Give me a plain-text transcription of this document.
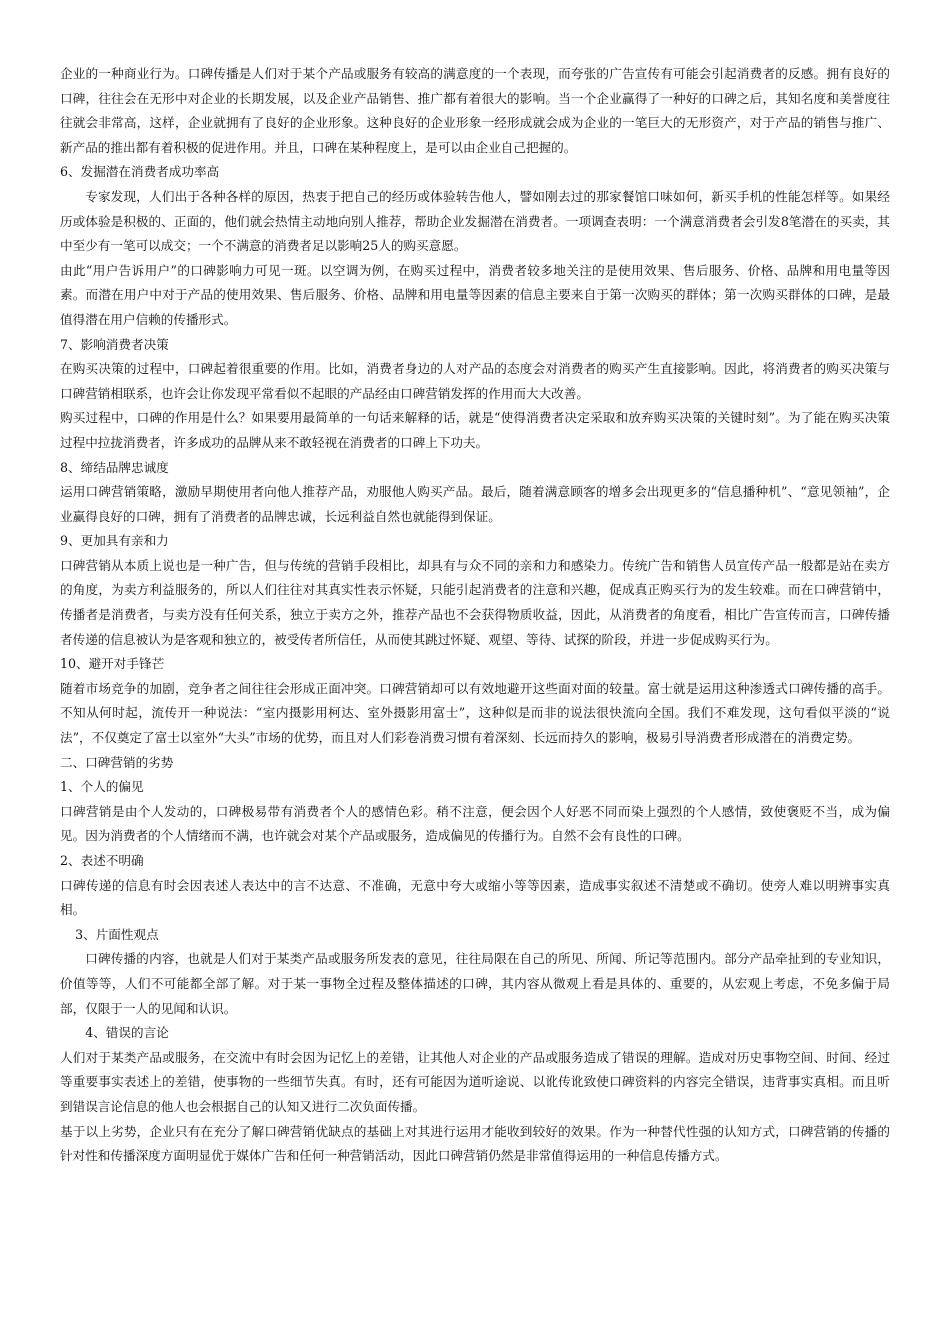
企业的一种商业行为。口碑传播是人们对于某个产品或服务有较高的满意度的一个表现，而夸张的广告宣传有可能会引起消费者的反感。拥有良好的口碑，往往会在无形中对企业的长期发展，以及企业产品销售、推广都有着很大的影响。当一个企业赢得了一种好的口碑之后，其知名度和美誉度往往就会非常高，这样，企业就拥有了良好的企业形象。这种良好的企业形象一经形成就会成为企业的一笔巨大的无形资产，对于产品的销售与推广、新产品的推出都有着积极的促进作用。并且，口碑在某种程度上，是可以由企业自己把握的。

6、发掘潜在消费者成功率高

专家发现，人们出于各种各样的原因，热衷于把自己的经历或体验转告他人，譬如刚去过的那家餐馆口味如何，新买手机的性能怎样等。如果经历或体验是积极的、正面的，他们就会热情主动地向别人推荐，帮助企业发掘潜在消费者。一项调查表明：一个满意消费者会引发8笔潜在的买卖，其中至少有一笔可以成交；一个不满意的消费者足以影响25人的购买意愿。

由此“用户告诉用户”的口碑影响力可见一斑。以空调为例，在购买过程中，消费者较多地关注的是使用效果、售后服务、价格、品牌和用电量等因素。而潜在用户中对于产品的使用效果、售后服务、价格、品牌和用电量等因素的信息主要来自于第一次购买的群体；第一次购买群体的口碑，是最值得潜在用户信赖的传播形式。

7、影响消费者决策

在购买决策的过程中，口碑起着很重要的作用。比如，消费者身边的人对产品的态度会对消费者的购买产生直接影响。因此，将消费者的购买决策与口碑营销相联系，也许会让你发现平常看似不起眼的产品经由口碑营销发挥的作用而大大改善。

购买过程中，口碑的作用是什么？如果要用最简单的一句话来解释的话，就是“使得消费者决定采取和放弃购买决策的关键时刻”。为了能在购买决策过程中拉拢消费者，许多成功的品牌从来不敢轻视在消费者的口碑上下功夫。

8、缔结品牌忠诚度

运用口碑营销策略，激励早期使用者向他人推荐产品，劝服他人购买产品。最后，随着满意顾客的增多会出现更多的“信息播种机”、“意见领袖”，企业赢得良好的口碑，拥有了消费者的品牌忠诚，长远利益自然也就能得到保证。

9、更加具有亲和力

口碑营销从本质上说也是一种广告，但与传统的营销手段相比，却具有与众不同的亲和力和感染力。传统广告和销售人员宣传产品一般都是站在卖方的角度，为卖方利益服务的，所以人们往往对其真实性表示怀疑，只能引起消费者的注意和兴趣，促成真正购买行为的发生较难。而在口碑营销中，传播者是消费者，与卖方没有任何关系，独立于卖方之外，推荐产品也不会获得物质收益，因此，从消费者的角度看，相比广告宣传而言，口碑传播者传递的信息被认为是客观和独立的，被受传者所信任，从而使其跳过怀疑、观望、等待、试探的阶段，并进一步促成购买行为。

10、避开对手锋芒

随着市场竞争的加剧，竞争者之间往往会形成正面冲突。口碑营销却可以有效地避开这些面对面的较量。富士就是运用这种渗透式口碑传播的高手。不知从何时起，流传开一种说法：“室内摄影用柯达、室外摄影用富士”，这种似是而非的说法很快流向全国。我们不难发现，这句看似平淡的“说法”，不仅奠定了富士以室外“大头”市场的优势，而且对人们彩卷消费习惯有着深刻、长远而持久的影响，极易引导消费者形成潜在的消费定势。

二、口碑营销的劣势

1、个人的偏见

口碑营销是由个人发动的，口碑极易带有消费者个人的感情色彩。稍不注意，便会因个人好恶不同而染上强烈的个人感情，致使褒贬不当，成为偏见。因为消费者的个人情绪而不满，也许就会对某个产品或服务，造成偏见的传播行为。自然不会有良性的口碑。

2、表述不明确

口碑传递的信息有时会因表述人表达中的言不达意、不准确，无意中夸大或缩小等等因素，造成事实叙述不清楚或不确切。使旁人难以明辨事实真相。

3、片面性观点

口碑传播的内容，也就是人们对于某类产品或服务所发表的意见，往往局限在自己的所见、所闻、所记等范围内。部分产品牵扯到的专业知识，价值等等，人们不可能都全部了解。对于某一事物全过程及整体描述的口碑，其内容从微观上看是具体的、重要的，从宏观上考虑，不免多偏于局部，仅限于一人的见闻和认识。

4、错误的言论

人们对于某类产品或服务，在交流中有时会因为记忆上的差错，让其他人对企业的产品或服务造成了错误的理解。造成对历史事物空间、时间、经过等重要事实表述上的差错，使事物的一些细节失真。有时，还有可能因为道听途说、以讹传讹致使口碑资料的内容完全错误，违背事实真相。而且听到错误言论信息的他人也会根据自己的认知又进行二次负面传播。

基于以上劣势，企业只有在充分了解口碑营销优缺点的基础上对其进行运用才能收到较好的效果。作为一种替代性强的认知方式，口碑营销的传播的针对性和传播深度方面明显优于媒体广告和任何一种营销活动，因此口碑营销仍然是非常值得运用的一种信息传播方式。
